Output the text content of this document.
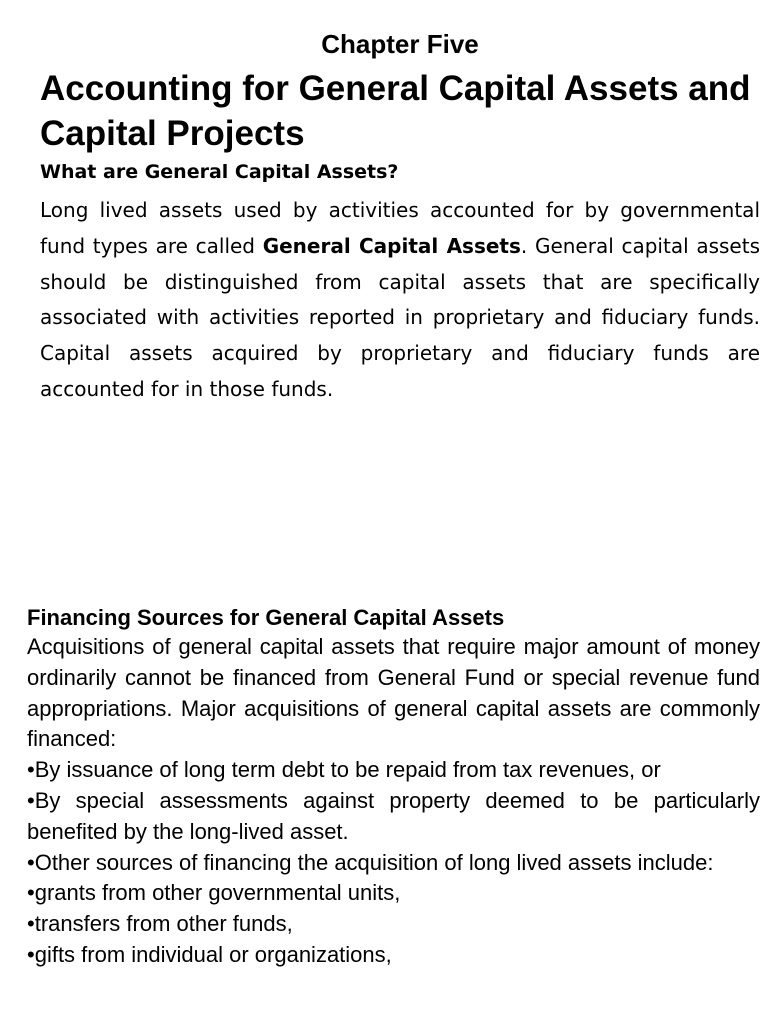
Chapter Five
Accounting for General Capital Assets and Capital Projects
What are General Capital Assets?

Long lived assets used by activities accounted for by governmental fund types are called General Capital Assets. General capital assets should be distinguished from capital assets that are specifically associated with activities reported in proprietary and fiduciary funds. Capital assets acquired by proprietary and fiduciary funds are accounted for in those funds.

Financing Sources for General Capital Assets

Acquisitions of general capital assets that require major amount of money ordinarily cannot be financed from General Fund or special revenue fund appropriations. Major acquisitions of general capital assets are commonly financed:

•By issuance of long term debt to be repaid from tax revenues, or

•By special assessments against property deemed to be particularly benefited by the long-lived asset.

•Other sources of financing the acquisition of long lived assets include:

•grants from other governmental units,

•transfers from other funds,

•gifts from individual or organizations,
